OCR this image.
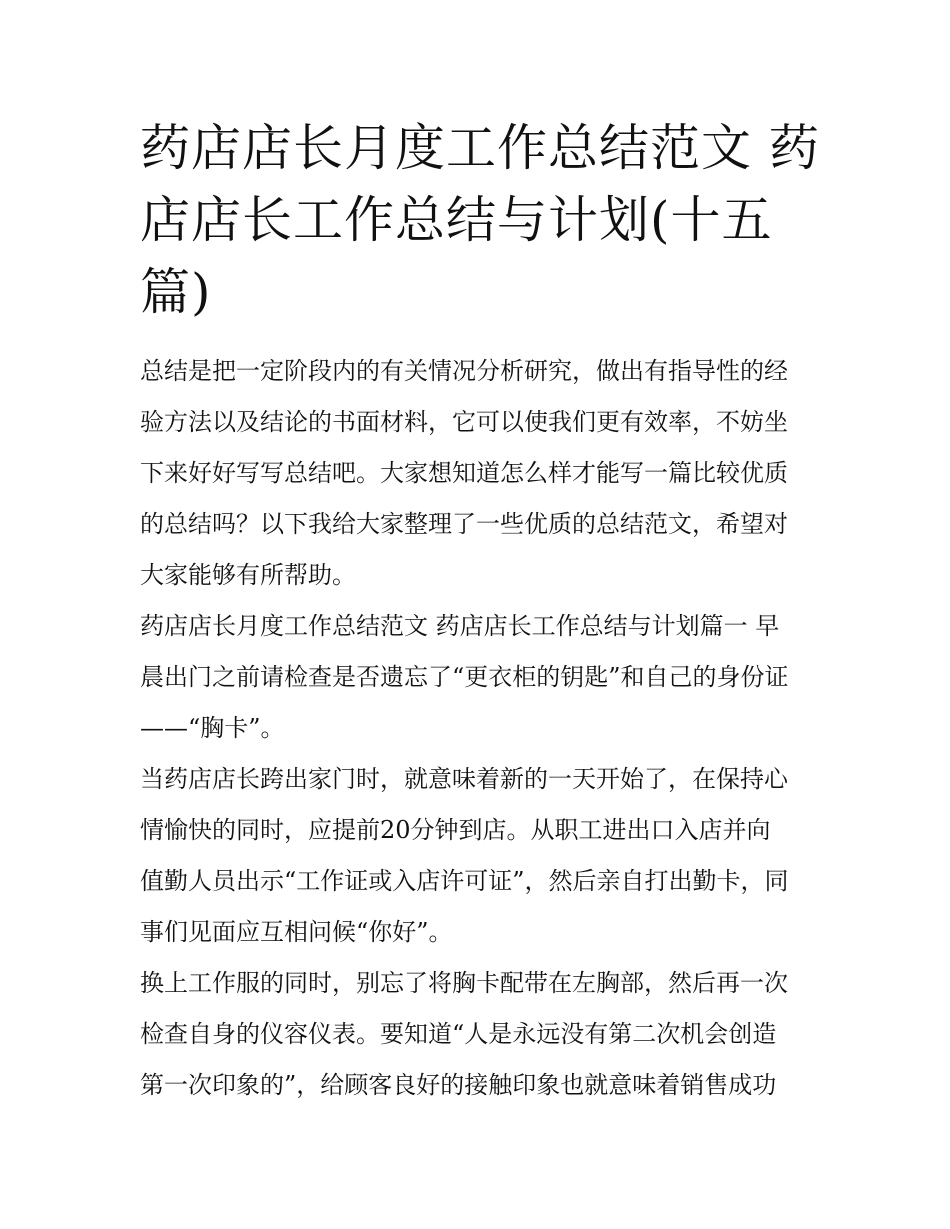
药店店长月度工作总结范文 药
店店长工作总结与计划(十五
篇)

总结是把一定阶段内的有关情况分析研究，做出有指导性的经
验方法以及结论的书面材料，它可以使我们更有效率，不妨坐
下来好好写写总结吧。大家想知道怎么样才能写一篇比较优质
的总结吗？以下我给大家整理了一些优质的总结范文，希望对
大家能够有所帮助。

药店店长月度工作总结范文 药店店长工作总结与计划篇一 早
晨出门之前请检查是否遗忘了“更衣柜的钥匙”和自己的身份证
——“胸卡”。

当药店店长跨出家门时，就意味着新的一天开始了，在保持心
情愉快的同时，应提前20分钟到店。从职工进出口入店并向
值勤人员出示“工作证或入店许可证”，然后亲自打出勤卡，同
事们见面应互相问候“你好”。

换上工作服的同时，别忘了将胸卡配带在左胸部，然后再一次
检查自身的仪容仪表。要知道“人是永远没有第二次机会创造
第一次印象的”，给顾客良好的接触印象也就意味着销售成功
